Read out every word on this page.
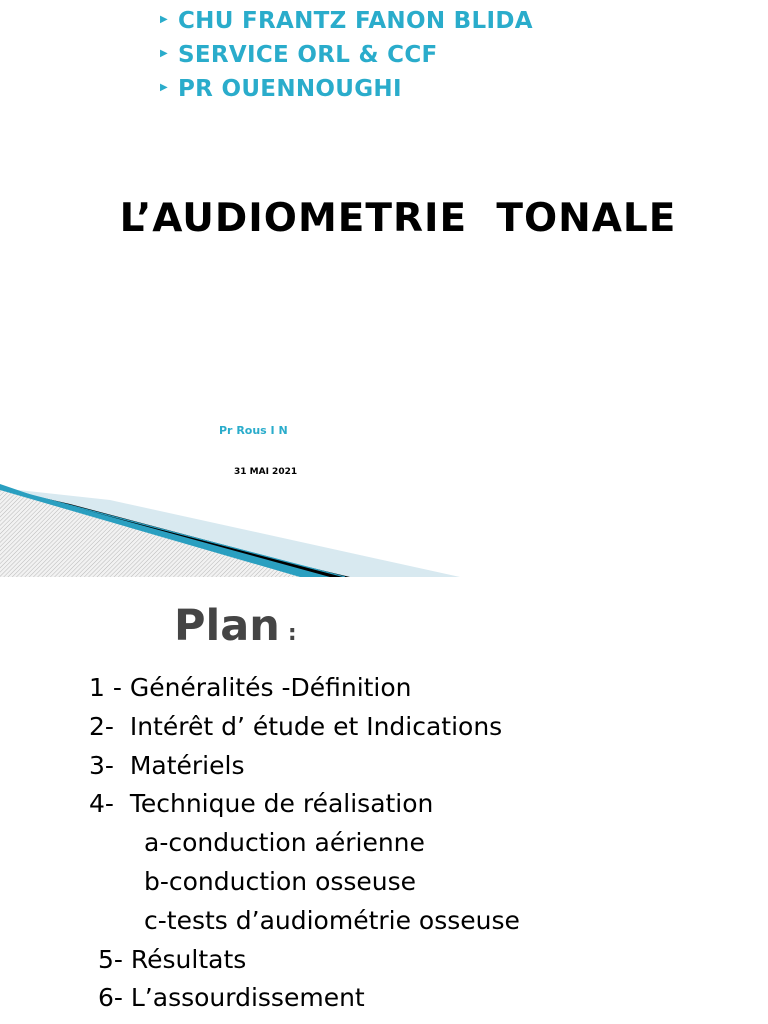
▶ CHU FRANTZ FANON BLIDA
▶ SERVICE ORL & CCF
▶ PR OUENNOUGHI
L’AUDIOMETRIE  TONALE
Pr Rous I N
31 MAI 2021
Plan :
1 - Généralités -Définition
2-  Intérêt d’ étude et Indications
3-  Matériels
4-  Technique de réalisation
a-conduction aérienne
b-conduction osseuse
c-tests d’audiométrie osseuse
5- Résultats
6- L’assourdissement
